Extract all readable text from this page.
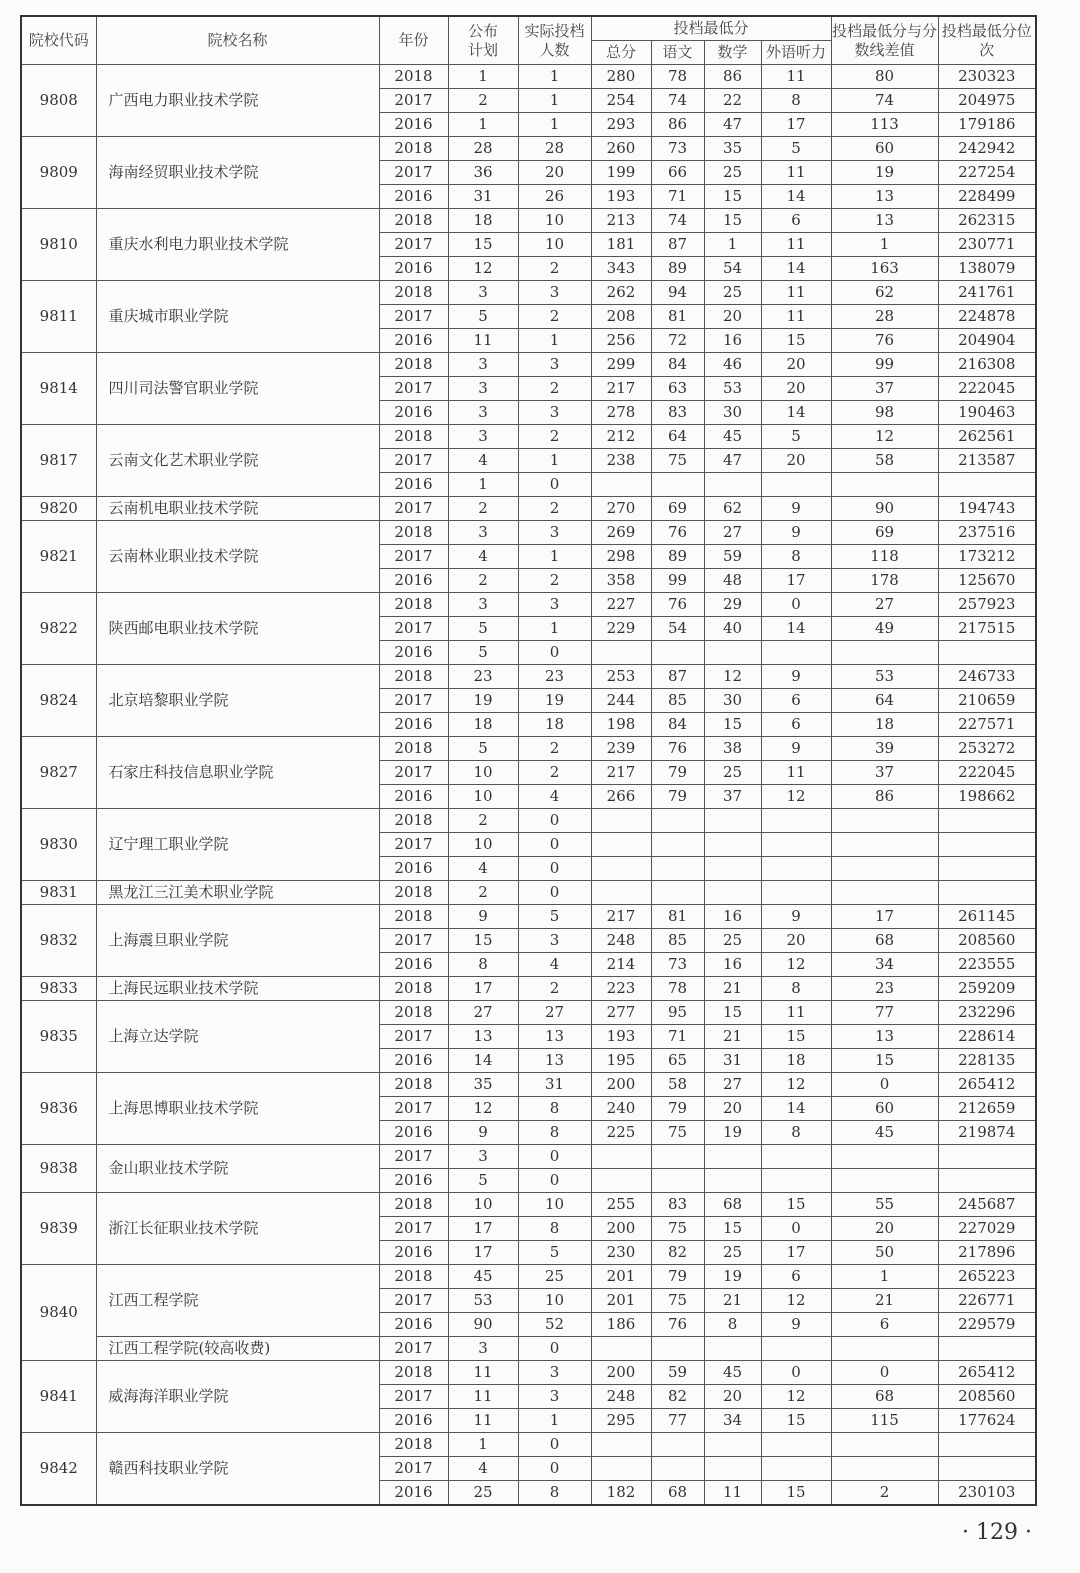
院校代码	院校名称	年份	公布计划	实际投档人数	投档最低分				投档最低分与分数线差值	投档最低分位次
					总分	语文	数学	外语听力		
9808	广西电力职业技术学院	2018	1	1	280	78	86	11	80	230323
		2017	2	1	254	74	22	8	74	204975
		2016	1	1	293	86	47	17	113	179186
9809	海南经贸职业技术学院	2018	28	28	260	73	35	5	60	242942
		2017	36	20	199	66	25	11	19	227254
		2016	31	26	193	71	15	14	13	228499
9810	重庆水利电力职业技术学院	2018	18	10	213	74	15	6	13	262315
		2017	15	10	181	87	1	11	1	230771
		2016	12	2	343	89	54	14	163	138079
9811	重庆城市职业学院	2018	3	3	262	94	25	11	62	241761
		2017	5	2	208	81	20	11	28	224878
		2016	11	1	256	72	16	15	76	204904
9814	四川司法警官职业学院	2018	3	3	299	84	46	20	99	216308
		2017	3	2	217	63	53	20	37	222045
		2016	3	3	278	83	30	14	98	190463
9817	云南文化艺术职业学院	2018	3	2	212	64	45	5	12	262561
		2017	4	1	238	75	47	20	58	213587
		2016	1	0						
9820	云南机电职业技术学院	2017	2	2	270	69	62	9	90	194743
9821	云南林业职业技术学院	2018	3	3	269	76	27	9	69	237516
		2017	4	1	298	89	59	8	118	173212
		2016	2	2	358	99	48	17	178	125670
9822	陕西邮电职业技术学院	2018	3	3	227	76	29	0	27	257923
		2017	5	1	229	54	40	14	49	217515
		2016	5	0						
9824	北京培黎职业学院	2018	23	23	253	87	12	9	53	246733
		2017	19	19	244	85	30	6	64	210659
		2016	18	18	198	84	15	6	18	227571
9827	石家庄科技信息职业学院	2018	5	2	239	76	38	9	39	253272
		2017	10	2	217	79	25	11	37	222045
		2016	10	4	266	79	37	12	86	198662
9830	辽宁理工职业学院	2018	2	0						
		2017	10	0						
		2016	4	0						
9831	黑龙江三江美术职业学院	2018	2	0						
9832	上海震旦职业学院	2018	9	5	217	81	16	9	17	261145
		2017	15	3	248	85	25	20	68	208560
		2016	8	4	214	73	16	12	34	223555
9833	上海民远职业技术学院	2018	17	2	223	78	21	8	23	259209
9835	上海立达学院	2018	27	27	277	95	15	11	77	232296
		2017	13	13	193	71	21	15	13	228614
		2016	14	13	195	65	31	18	15	228135
9836	上海思博职业技术学院	2018	35	31	200	58	27	12	0	265412
		2017	12	8	240	79	20	14	60	212659
		2016	9	8	225	75	19	8	45	219874
9838	金山职业技术学院	2017	3	0						
		2016	5	0						
9839	浙江长征职业技术学院	2018	10	10	255	83	68	15	55	245687
		2017	17	8	200	75	15	0	20	227029
		2016	17	5	230	82	25	17	50	217896
9840	江西工程学院	2018	45	25	201	79	19	6	1	265223
		2017	53	10	201	75	21	12	21	226771
		2016	90	52	186	76	8	9	6	229579
	江西工程学院(较高收费)	2017	3	0						
9841	威海海洋职业学院	2018	11	3	200	59	45	0	0	265412
		2017	11	3	248	82	20	12	68	208560
		2016	11	1	295	77	34	15	115	177624
9842	赣西科技职业学院	2018	1	0						
		2017	4	0						
		2016	25	8	182	68	11	15	2	230103
· 129 ·
